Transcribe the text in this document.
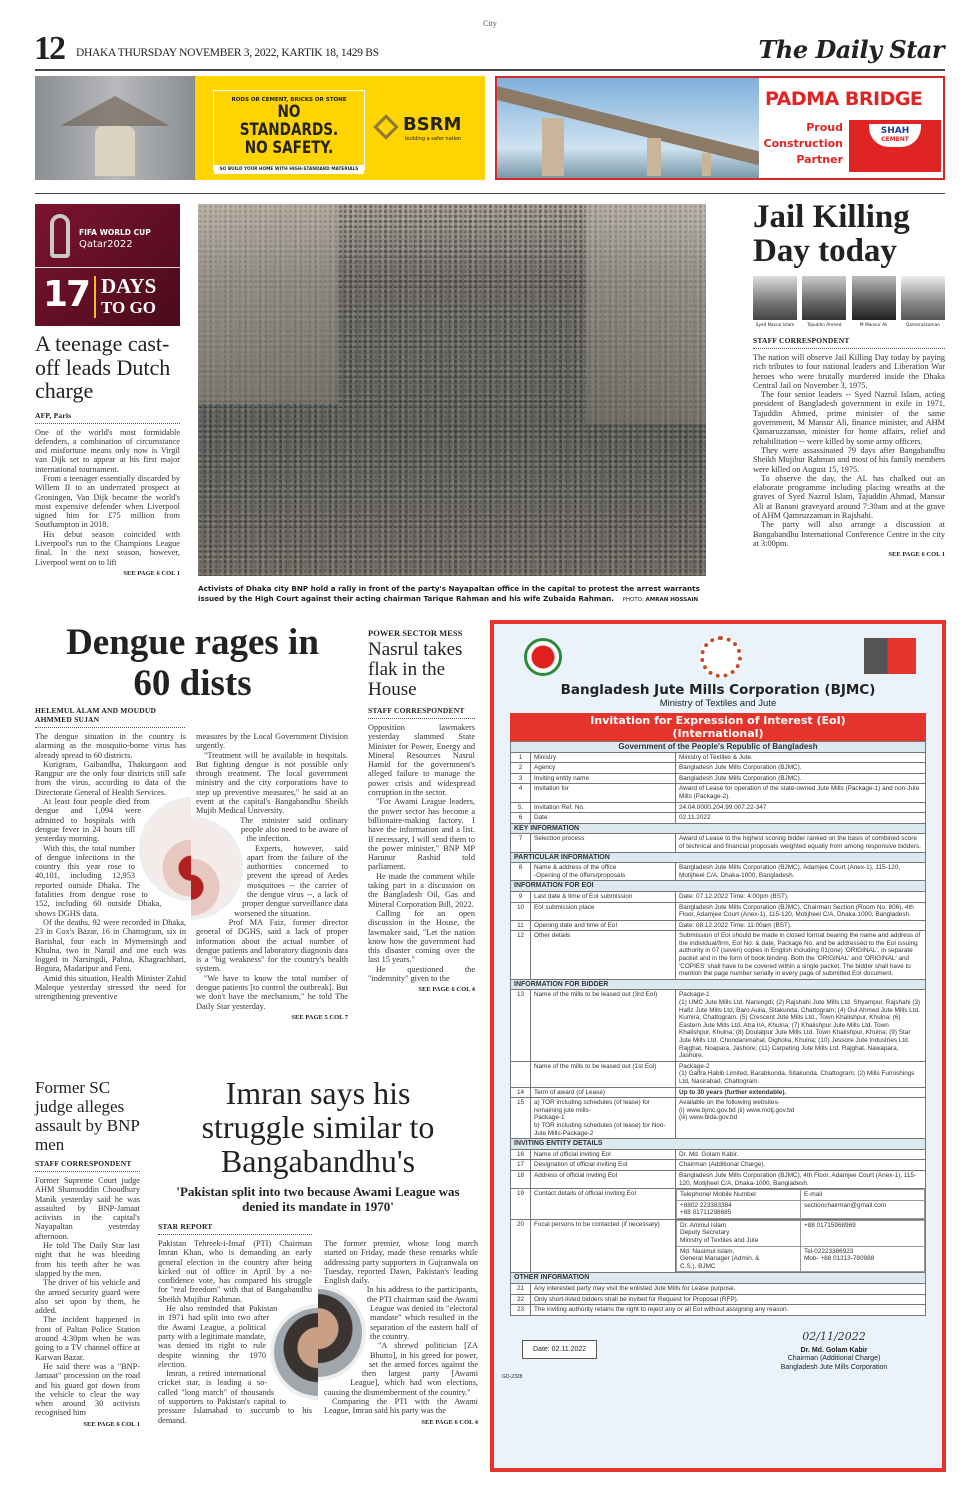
City
12 DHAKA THURSDAY NOVEMBER 3, 2022, KARTIK 18, 1429 BS	The Daily Star
RODS OR CEMENT, BRICKS OR STONE
NO STANDARDS.
NO SAFETY.
SO BUILD YOUR HOME WITH HIGH-STANDARD MATERIALS
BSRM
building a safer nation
PADMA BRIDGE
Proud
Construction
Partner
SHAH
CEMENT
FIFA WORLD CUP
Qatar2022
17 DAYS
TO GO
A teenage cast-off leads Dutch charge
AFP, Paris

One of the world's most formidable defenders, a combination of circumstance and misfortune means only now is Virgil van Dijk set to appear at his first major international tournament.

From a teenager essentially discarded by Willem II to an underrated prospect at Groningen, Van Dijk became the world's most expensive defender when Liverpool signed him for £75 million from Southampton in 2018.

His debut season coincided with Liverpool's run to the Champions League final. In the next season, however, Liverpool went on to lift

SEE PAGE 6 COL 1
Activists of Dhaka city BNP hold a rally in front of the party's Nayapaltan office in the capital to protest the arrest warrants issued by the High Court against their acting chairman Tarique Rahman and his wife Zubaida Rahman. PHOTO: AMRAN HOSSAIN
Jail Killing Day today
Syed Nazrul Islam	Tajuddin Ahmed	M Mansur Ali	Qamaruzzaman
STAFF CORRESPONDENT

The nation will observe Jail Killing Day today by paying rich tributes to four national leaders and Liberation War heroes who were brutally murdered inside the Dhaka Central Jail on November 3, 1975.

The four senior leaders -- Syed Nazrul Islam, acting president of Bangladesh government in exile in 1971, Tajuddin Ahmed, prime minister of the same government, M Mansur Ali, finance minister, and AHM Qamaruzzaman, minister for home affairs, relief and rehabilitation -- were killed by some army officers.

They were assassinated 79 days after Bangabandhu Sheikh Mujibur Rahman and most of his family members were killed on August 15, 1975.

To observe the day, the AL has chalked out an elaborate programme including placing wreaths at the graves of Syed Nazrul Islam, Tajuddin Ahmad, Mansur Ali at Banani graveyard around 7:30am and at the grave of AHM Qamruzzaman in Rajshahi.

The party will also arrange a discussion at Bangabandhu International Conference Centre in the city at 3:00pm.

SEE PAGE 6 COL 1
Dengue rages in 60 dists
HELEMUL ALAM AND MOUDUD AHMMED SUJAN

The dengue situation in the country is alarming as the mosquito-borne virus has already spread to 60 districts.

Kurigram, Gaibandha, Thakurgaon and Rangpur are the only four districts still safe from the virus, according to data of the Directorate General of Health Services.

At least four people died from dengue and 1,094 were admitted to hospitals with dengue fever in 24 hours till yesterday morning.

With this, the total number of dengue infections in the country this year rose to 40,101, including 12,953 reported outside Dhaka. The fatalities from dengue rose to 152, including 60 outside Dhaka, shows DGHS data.

Of the deaths, 92 were recorded in Dhaka, 23 in Cox's Bazar, 16 in Chattogram, six in Barishal, four each in Mymensingh and Khulna, two in Narail and one each was logged in Narsingdi, Pabna, Khagrachhari, Bogura, Madaripur and Feni.

Amid this situation, Health Minister Zahid Maleque yesterday stressed the need for strengthening preventive

measures by the Local Government Division urgently.

"Treatment will be available in hospitals. But fighting dengue is not possible only through treatment. The local government ministry and the city corporations have to step up preventive measures," he said at an event at the capital's Bangabandhu Sheikh Mujib Medical University.

The minister said ordinary people also need to be aware of the infection.

Experts, however, said apart from the failure of the authorities concerned to prevent the spread of Aedes mosquitoes -- the carrier of the dengue virus --, a lack of proper dengue surveillance data worsened the situation.

Prof MA Faiz, former director general of DGHS, said a lack of proper information about the actual number of dengue patients and laboratory diagnosis data is a "big weakness" for the country's health system.

"We have to know the total number of dengue patients [to control the outbreak]. But we don't have the mechanism," he told The Daily Star yesterday.

SEE PAGE 5 COL 7
POWER SECTOR MESS
Nasrul takes flak in the House
STAFF CORRESPONDENT

Opposition lawmakers yesterday slammed State Minister for Power, Energy and Mineral Resources Nasrul Hamid for the government's alleged failure to manage the power crisis and widespread corruption in the sector.

"For Awami League leaders, the power sector has become a billionaire-making factory. I have the information and a list. If necessary, I will send them to the power minister," BNP MP Harunur Rashid told parliament.

He made the comment while taking part in a discussion on the Bangladesh Oil, Gas and Mineral Corporation Bill, 2022.

Calling for an open discussion in the House, the lawmaker said, "Let the nation know how the government had this disaster coming over the last 15 years."

He questioned the "indemnity" given to the

SEE PAGE 6 COL 4
Bangladesh Jute Mills Corporation (BJMC)
Ministry of Textiles and Jute
Invitation for Expression of Interest (EoI)
(International)
Government of the People's Republic of Bangladesh
1	Ministry	Ministry of Textiles & Jute.
2	Agency	Bangladesh Jute Mills Corporation (BJMC).
3	Inviting entity name	Bangladesh Jute Mills Corporation (BJMC).
4	Invitation for	Award of Lease for operation of the state-owned Jute Mills (Package-1) and non-Jute Mills (Package-2).
5.	Invitation Ref. No.	24.04.0000.204.99.007.22-347
6	Date	02.11.2022
KEY INFORMATION
7	Selection process	Award of Lease to the highest scoring bidder ranked on the basis of combined score of technical and financial proposals weighted equally from among responsive bidders.
PARTICULAR INFORMATION
8	Name & address of the office
-Opening of the offers/proposals	Bangladesh Jute Mills Corporation (BJMC), Adamjee Court (Anex-1), 115-120, Motijheel C/A, Dhaka-1000, Bangladesh.
INFORMATION FOR EOI
9	Last date & time of EoI submission	Date: 07.12.2022 Time: 4:00pm (BST).
10	EoI submission place	Bangladesh Jute Mills Corporation (BJMC), Chairman Section (Room No. 806), 4th Floor, Adamjee Court (Anex-1), 115-120, Motijheel C/A, Dhaka-1000, Bangladesh.
11	Opening date and time of EoI	Date: 08.12.2022 Time: 11:00am (BST).
12	Other details	Submission of EoI should be made in closed format bearing the name and address of the individual/firm, EoI No. & date, Package No. and be addressed to the EoI issuing authority in 07 (seven) copies in English including 01(one) 'ORIGINAL', in separate packet and in the form of book binding. Both the 'ORIGINAL' and 'ORIGINAL' and 'COPIES' shall have to be covered within a single packet. The bidder shall have to mention the page number serially in every page of submitted EoI document.
INFORMATION FOR BIDDER
13	Name of the mills to be leased out (3rd EoI)	Package-1
(1) UMC Jute Mills Ltd. Narsingdi; (2) Rajshahi Jute Mills Ltd. Shyampur, Rajshahi (3) Hafiz Jute Mills Ltd, Baro Aulia, Sitakunda, Chattogram; (4) Gul Ahmed Jute Mills Ltd. Kumira, Chattogram. (5) Crescent Jute Mills Ltd., Town Khalishpur, Khulna; (6) Eastern Jute Mills Ltd. Atra I/A, Khulna; (7) Khalishpur Jute Mills Ltd. Town Khalishpur, Khulna; (8) Doulatpur Jute Mills Ltd. Town Khalishpur, Khulna; (9) Star Jute Mills Ltd. Chondanimahal, Digholia, Khulna; (10) Jessore Jute Industries Ltd. Rajghat, Noapara, Jashore; (11) Carpeting Jute Mills Ltd. Rajghat, Nawapara, Jashore.
	Name of the mills to be leased out (1st EoI)	Package-2
(1) Galfra Habib Limited, Barabkunda, Sitakunda, Chattogram; (2) Mills Furnishings Ltd, Nasirabad, Chattogram.
14	Term of award (of Lease)	Up to 30 years (further extendable).
15	a) TOR including schedules (of lease) for remaining jute mills-
Package-1
b) TOR including schedules (of lease) for Non-Jute Mills-Package-2	Available on the following websites-
(i) www.bjmc.gov.bd (ii) www.motj.gov.bd
(iii) www.bida.gov.bd
INVITING ENTITY DETAILS
16	Name of official inviting EoI	Dr. Md. Golam Kabir.
17	Designation of official inviting EoI	Chairman (Additional Charge).
18	Address of official inviting EoI	Bangladesh Jute Mills Corporation (BJMC), 4th Floor, Adamjee Court (Anex-1), 115-120, Motijheel C/A, Dhaka-1000, Bangladesh.
19	Contact details of official inviting EoI		Telephone/ Mobile Number	E-mail
+8802 223383384
+88 01711298685	sectionchairman@gmail.com

20	Focal persons to be contacted (if necessary)		Dr. Aminul Islam
Deputy Secretary
Ministry of Textiles and Jute	+88 01715968969
Md. Nasimul Islam,
General Manager (Admin. &
C.S.), BJMC	Tel-02223386923
Mob- +88 01313-780988

OTHER INFORMATION
21	Any interested party may visit the enlisted Jute Mills for Lease purpose.
22	Only short-listed bidders shall be invited for Request for Proposal (RFP).
23	The inviting authority retains the right to reject any or all EoI without assigning any reason.
Date: 02.11.2022
02/11/2022
Dr. Md. Golam Kabir
Chairman (Additional Charge)
Bangladesh Jute Mills Corporation
GD-2328
Former SC judge alleges assault by BNP men
STAFF CORRESPONDENT

Former Supreme Court judge AHM Shamsuddin Choudhury Manik yesterday said he was assaulted by BNP-Jamaat activists in the capital's Nayapaltan yesterday afternoon.

He told The Daily Star last night that he was bleeding from his teeth after he was slapped by the men.

The driver of his vehicle and the armed security guard were also set upon by them, he added.

The incident happened in front of Paltan Police Station around 4:30pm when he was going to a TV channel office at Karwan Bazar.

He said there was a "BNP-Jamaat" procession on the road and his guard got down from the vehicle to clear the way when around 30 activists recognised him

SEE PAGE 6 COL 1
Imran says his struggle similar to Bangabandhu's
'Pakistan split into two because Awami League was denied its mandate in 1970'
STAR REPORT

Pakistan Tehreek-i-Insaf (PTI) Chairman Imran Khan, who is demanding an early general election in the country after being kicked out of office in April by a no-confidence vote, has compared his struggle for "real freedom" with that of Bangabandhu Sheikh Mujibur Rahman.

He also reminded that Pakistan in 1971 had split into two after the Awami League, a political party with a legitimate mandate, was denied its right to rule despite winning the 1970 election.

Imran, a retired international cricket star, is leading a so-called "long march" of thousands of supporters to Pakistan's capital to pressure Islamabad to succumb to his demand.

The former premier, whose long march started on Friday, made these remarks while addressing party supporters in Gujranwala on Tuesday, reported Dawn, Pakistan's leading English daily.

In his address to the participants, the PTI chairman said the Awami League was denied its "electoral mandate" which resulted in the separation of the eastern half of the country.

"A shrewd politician [ZA Bhutto], in his greed for power, set the armed forces against the then largest party [Awami League], which had won elections, causing the dismemberment of the country."

Comparing the PTI with the Awami League, Imran said his party was the

SEE PAGE 6 COL 4
